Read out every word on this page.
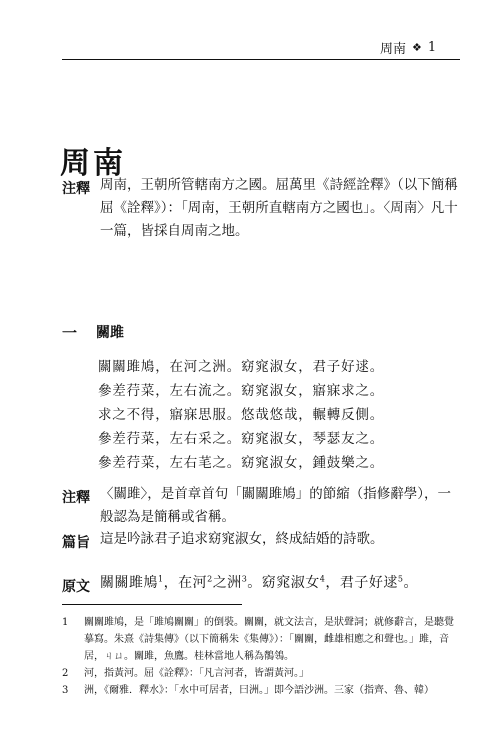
周南 ❖ 1
周南
注釋 周南，王朝所管轄南方之國。屈萬里《詩經詮釋》（以下簡稱屈《詮釋》）：「周南，王朝所直轄南方之國也」。〈周南〉凡十一篇，皆採自周南之地。
一 關雎
關關雎鳩，在河之洲。窈窕淑女，君子好逑。
參差荇菜，左右流之。窈窕淑女，寤寐求之。
求之不得，寤寐思服。悠哉悠哉，輾轉反側。
參差荇菜，左右采之。窈窕淑女，琴瑟友之。
參差荇菜，左右芼之。窈窕淑女，鍾鼓樂之。
注釋 〈關雎〉，是首章首句「關關雎鳩」的節縮（指修辭學），一般認為是簡稱或省稱。
篇旨 這是吟詠君子追求窈窕淑女，終成結婚的詩歌。
原文 關關雎鳩$^1$，在河$^2$之洲$^3$。窈窕淑女$^4$，君子好逑$^5$。
1	關關雎鳩，是「雎鳩關關」的倒裝。關關，就文法言，是狀聲詞；就修辭言，是聽覺摹寫。朱熹《詩集傳》（以下簡稱朱《集傳》）：「關關，雌雄相應之和聲也。」雎，音居，ㄐㄩ。關雎，魚鷹。桂林當地人稱為鶺鴒。
2	河，指黃河。屈《詮釋》：「凡言河者，皆謂黃河。」
3	洲，《爾雅．釋水》：「水中可居者，曰洲。」即今語沙洲。三家（指齊、魯、韓）
